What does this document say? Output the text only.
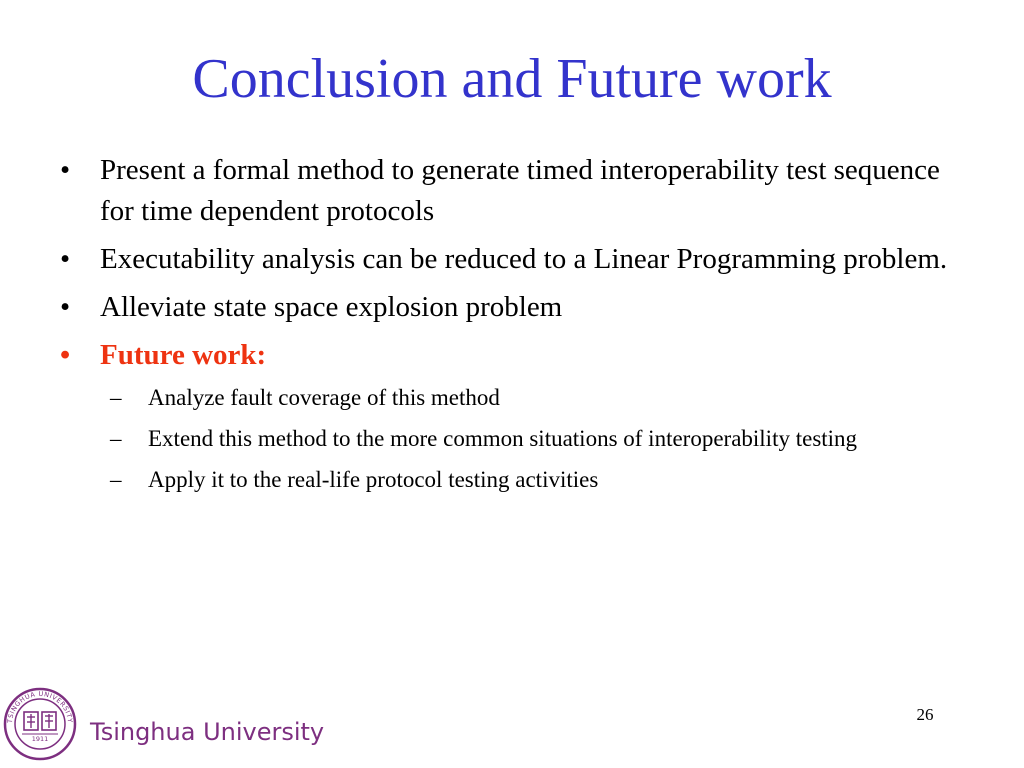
Conclusion and Future work
• Present a formal method to generate timed interoperability test sequence for time dependent protocols
• Executability analysis can be reduced to a Linear Programming problem.
• Alleviate state space explosion problem
• Future work:
– Analyze fault coverage of this method
– Extend this method to the more common situations of interoperability testing
– Apply it to the real-life protocol testing activities
TSINGHUA UNIVERSITY
1911 Tsinghua University
26
